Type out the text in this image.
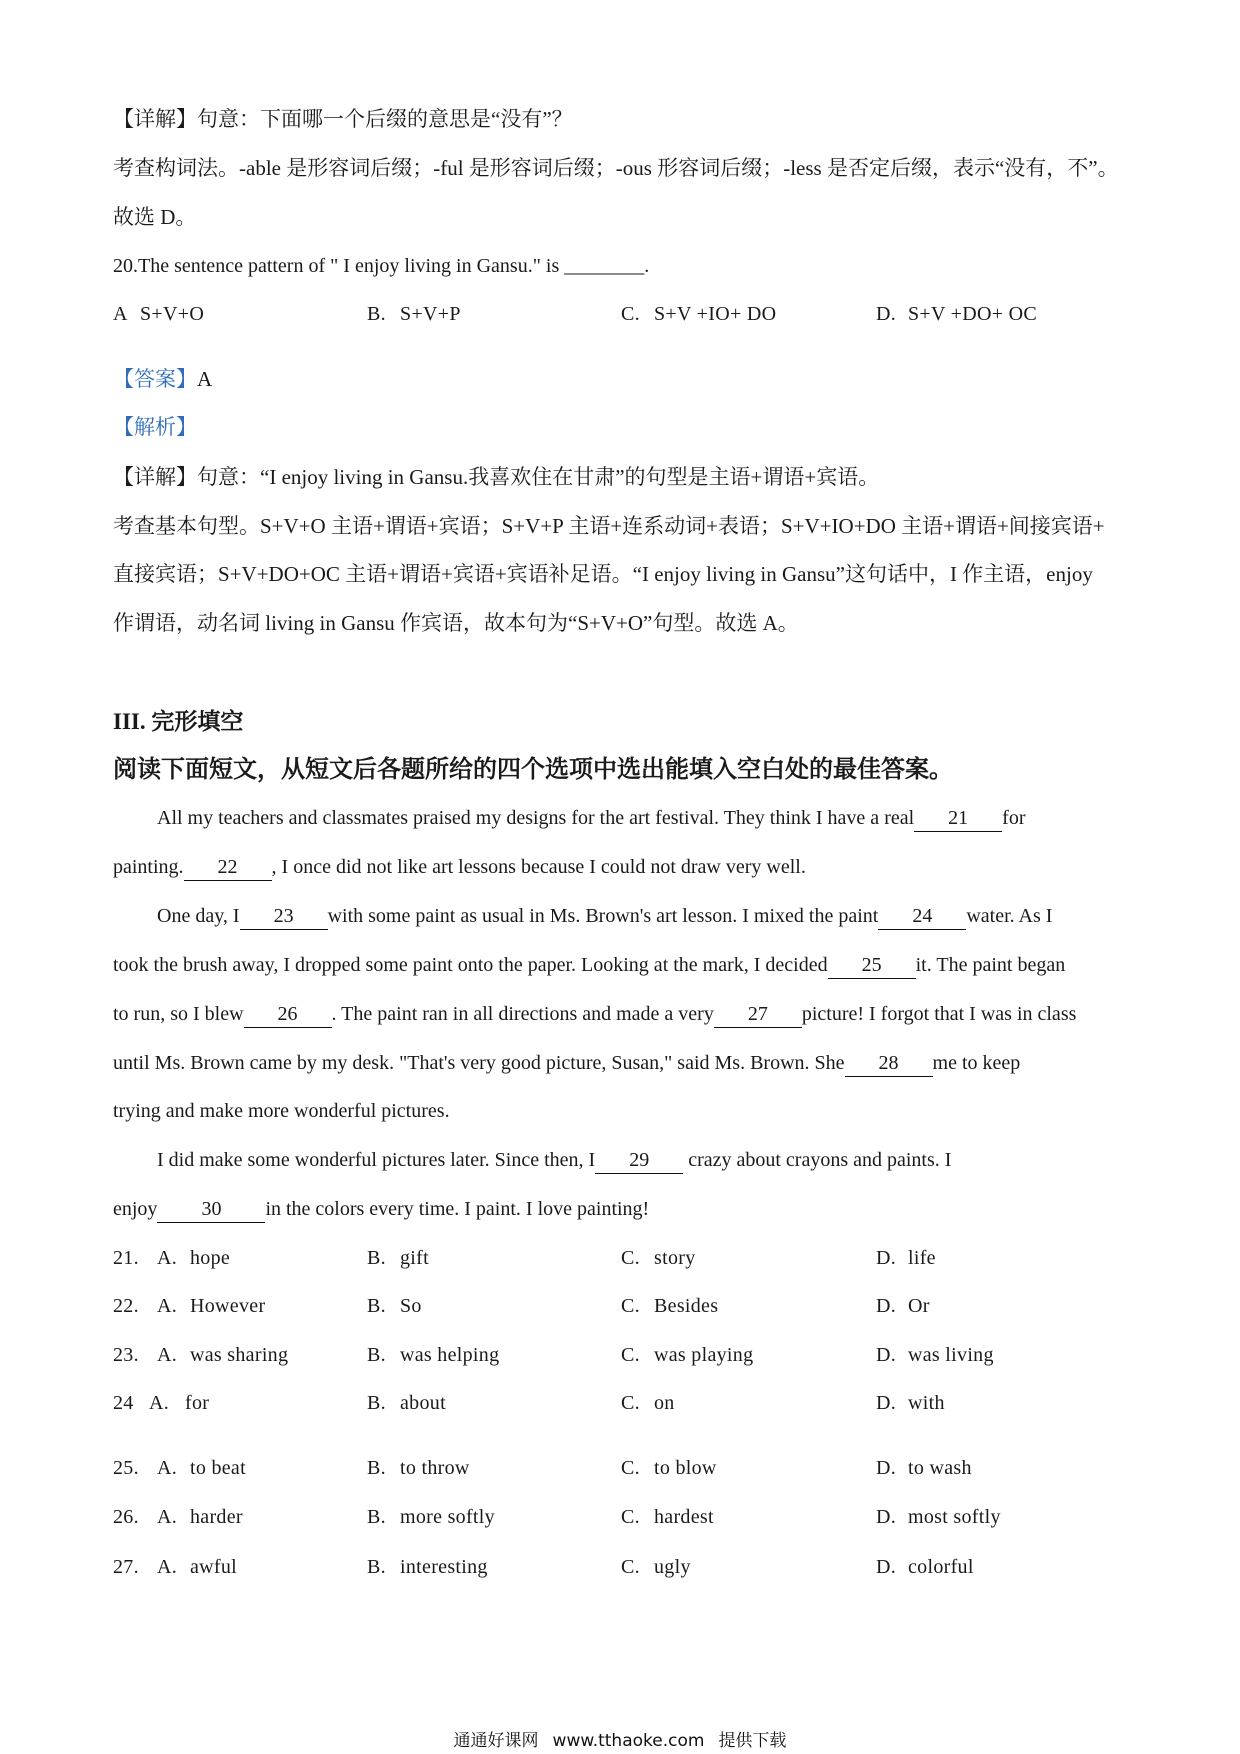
【详解】句意：下面哪一个后缀的意思是“没有”？
考查构词法。-able 是形容词后缀；-ful 是形容词后缀；-ous 形容词后缀；-less 是否定后缀，表示“没有，不”。
故选 D。
20.The sentence pattern of " I enjoy living in Gansu." is ________.
A S+V+O	B. S+V+P	C. S+V +IO+ DO	D. S+V +DO+ OC
【答案】A
【解析】
【详解】句意：“I enjoy living in Gansu.我喜欢住在甘肃”的句型是主语+谓语+宾语。
考查基本句型。S+V+O 主语+谓语+宾语；S+V+P 主语+连系动词+表语；S+V+IO+DO 主语+谓语+间接宾语+
直接宾语；S+V+DO+OC 主语+谓语+宾语+宾语补足语。“I enjoy living in Gansu”这句话中，I 作主语，enjoy
作谓语，动名词 living in Gansu 作宾语，故本句为“S+V+O”句型。故选 A。
III. 完形填空
阅读下面短文，从短文后各题所给的四个选项中选出能填入空白处的最佳答案。
All my teachers and classmates praised my designs for the art festival. They think I have a real 21 for
painting. 22 , I once did not like art lessons because I could not draw very well.
One day, I 23 with some paint as usual in Ms. Brown's art lesson. I mixed the paint 24 water. As I
took the brush away, I dropped some paint onto the paper. Looking at the mark, I decided 25 it. The paint began
to run, so I blew 26 . The paint ran in all directions and made a very 27 picture! I forgot that I was in class
until Ms. Brown came by my desk. "That's very good picture, Susan," said Ms. Brown. She 28 me to keep
trying and make more wonderful pictures.
I did make some wonderful pictures later. Since then, I 29 crazy about crayons and paints. I
enjoy 30 in the colors every time. I paint. I love painting!
21. A. hope	B. gift	C. story	D. life
22. A. However	B. So	C. Besides	D. Or
23. A. was sharing	B. was helping	C. was playing	D. was living
24 A. for	B. about	C. on	D. with
25. A. to beat	B. to throw	C. to blow	D. to wash
26. A. harder	B. more softly	C. hardest	D. most softly
27. A. awful	B. interesting	C. ugly	D. colorful
通通好课网 www.tthaoke.com 提供下载
